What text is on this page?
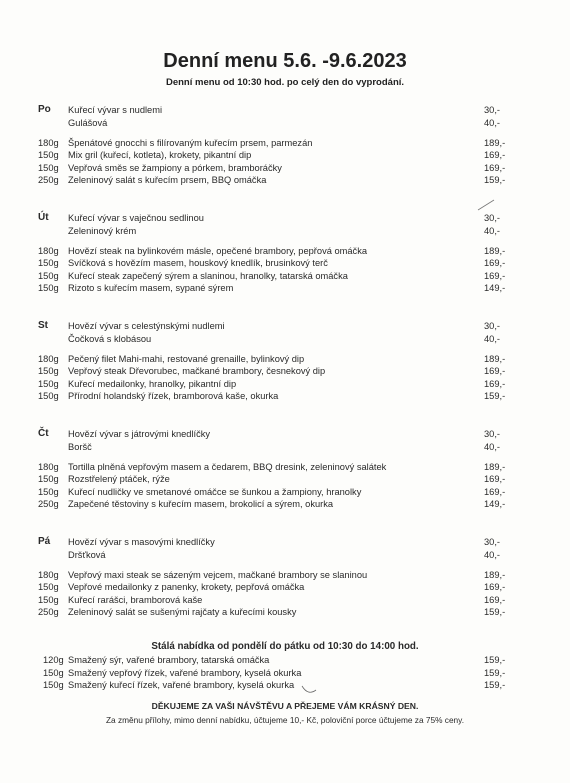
Denní menu 5.6. -9.6.2023
Denní menu od 10:30 hod. po celý den do vyprodání.
Po Kuřecí vývar s nudlemi	30,-
Gulášová	40,-
180g Špenátové gnocchi s filírovaným kuřecím prsem, parmezán	189,-
150g Mix gril (kuřecí, kotleta), krokety, pikantní dip	169,-
150g Vepřová směs se žampiony a pórkem, bramboráčky	169,-
250g Zeleninový salát s kuřecím prsem, BBQ omáčka	159,-
Út Kuřecí vývar s vaječnou sedlinou	30,-
Zeleninový krém	40,-
180g Hovězí steak na bylinkovém másle, opečené brambory, pepřová omáčka	189,-
150g Svíčková s hovězím masem, houskový knedlík, brusinkový terč	169,-
150g Kuřecí steak zapečený sýrem a slaninou, hranolky, tatarská omáčka	169,-
150g Rizoto s kuřecím masem, sypané sýrem	149,-
St Hovězí vývar s celestýnskými nudlemi	30,-
Čočková s klobásou	40,-
180g Pečený filet Mahi-mahi, restované grenaille, bylinkový dip	189,-
150g Vepřový steak Dřevorubec, mačkané brambory, česnekový dip	169,-
150g Kuřecí medailonky, hranolky, pikantní dip	169,-
150g Přírodní holandský řízek, bramborová kaše, okurka	159,-
Čt Hovězí vývar s játrovými knedlíčky	30,-
Boršč	40,-
180g Tortilla plněná vepřovým masem a čedarem, BBQ dresink, zeleninový salátek	189,-
150g Rozstřelený ptáček, rýže	169,-
150g Kuřecí nudličky ve smetanové omáčce se šunkou a žampiony, hranolky	169,-
250g Zapečené těstoviny s kuřecím masem, brokolicí a sýrem, okurka	149,-
Pá Hovězí vývar s masovými knedlíčky	30,-
Dršťková	40,-
180g Vepřový maxi steak se sázeným vejcem, mačkané brambory se slaninou	189,-
150g Vepřové medailonky z panenky, krokety, pepřová omáčka	169,-
150g Kuřecí rarášci, bramborová kaše	169,-
250g Zeleninový salát se sušenými rajčaty a kuřecími kousky	159,-
Stálá nabídka od pondělí do pátku od 10:30 do 14:00 hod.
120g Smažený sýr, vařené brambory, tatarská omáčka	159,-
150g Smažený vepřový řízek, vařené brambory, kyselá okurka	159,-
150g Smažený kuřecí řízek, vařené brambory, kyselá okurka	159,-
DĚKUJEME ZA VAŠI NÁVŠTĚVU A PŘEJEME VÁM KRÁSNÝ DEN.
Za změnu přílohy, mimo denní nabídku, účtujeme 10,- Kč, poloviční porce účtujeme za 75% ceny.
